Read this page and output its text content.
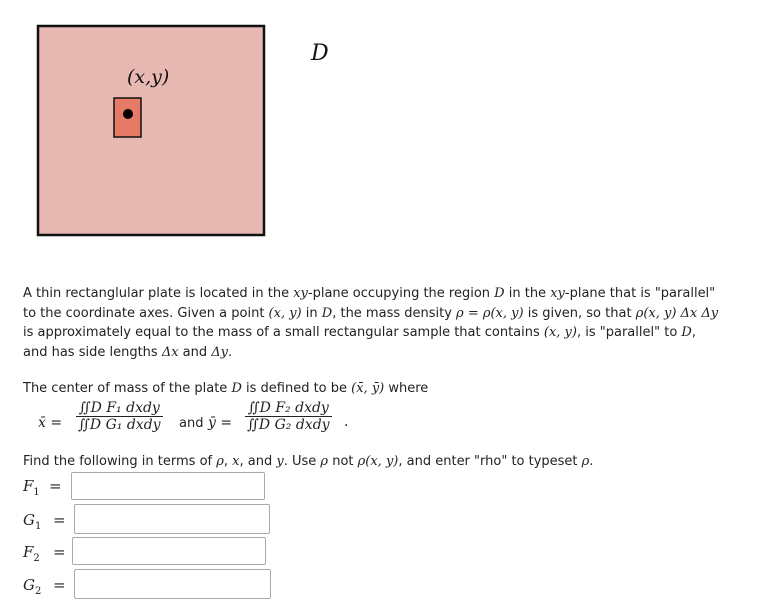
(x,y)
D
A thin rectanglular plate is located in the xy-plane occupying the region D in the xy-plane that is "parallel" to the coordinate axes. Given a point (x, y) in D, the mass density ρ = ρ(x, y) is given, so that ρ(x, y) Δx Δy is approximately equal to the mass of a small rectangular sample that contains (x, y), is "parallel" to D, and has side lengths Δx and Δy.
The center of mass of the plate D is defined to be (x̄, ȳ) where
x̄ =
∬D F₁ dxdy
∬D G₁ dxdy and ȳ =
∬D F₂ dxdy
∬D G₂ dxdy .
Find the following in terms of ρ, x, and y. Use ρ not ρ(x, y), and enter "rho" to typeset ρ.
$F_1$ =
$G_1$ =
$F_2$ =
$G_2$ =
